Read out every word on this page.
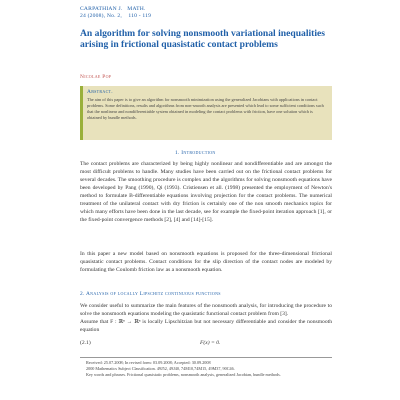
CARPATHIAN J.   MATH.
24 (2008), No. 2,    110 - 119
An algorithm for solving nonsmooth variational inequalities arising in frictional quasistatic contact problems
Nicolae Pop
Abstract.
The aim of this paper is to give an algorithm for nonsmooth minimization using the generalized Jacobians with applications in contact problems. Some definitions, results and algorithms from non-smooth analysis are presented which lead to some sufficient conditions such that the nonlinear and nondifferentiable system obtained in modeling the contact problems with friction, have one solution which is obtained by bundle methods.
1. Introduction
The contact problems are characterized by being highly nonlinear and nondifferentiable and are amongst the most difficult problems to handle. Many studies have been carried out on the frictional contact problems for several decades. The smoothing procedure is complex and the algorithms for solving nonsmooth equations have been developed by Pang (1990), Qi (1993). Cristiensen et all. (1998) presented the employment of Newton's method to formulate B-differentiable equations involving projection for the contact problems. The numerical treatment of the unilateral contact with dry friction is certainly one of the non smooth mechanics topics for which many efforts have been done in the last decade, see for example the fixed-point iteration approach [1], or the fixed-point convergence methods [2], [4] and [14]-[15].
In this paper a new model based on nonsmooth equations is proposed for the three-dimensional frictional quasistatic contact problems. Contact conditions for the slip direction of the contact nodes are modeled by formulating the Coulomb friction law as a nonsmooth equation.
2. Analysis of locally Lipschitz continuous functions
We consider useful to summarize the main features of the nonsmooth analysis, for introducing the procedure to solve the nonsmooth equations modeling the quasistatic functional contact problem from [3].
Assume that F : ℝⁿ → ℝⁿ is locally Lipschitzian but not necessary differentiable and consider the nonsmooth equation
(2.1)	F(x) = 0.
Received: 25.07.2008; In revised form: 03.09.2008; Accepted: 30.09.2008
2000 Mathematics Subject Classification. 49J52, 49J40, 74M10,74M15, 49M37, 90C46.
Key words and phrases. Frictional quasistatic problems, nonsmooth analysis, generalized Jacobian, bundle methods.
